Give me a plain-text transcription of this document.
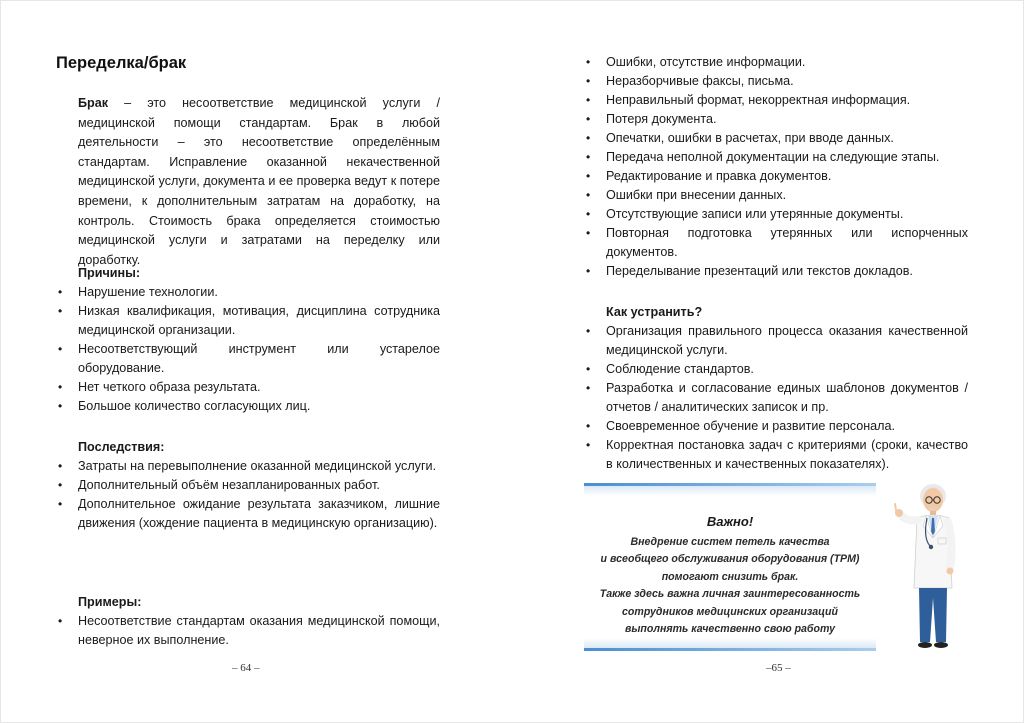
Переделка/брак

Брак – это несоответствие медицинской услуги / медицинской помощи стандартам. Брак в любой деятельности – это несоответствие определённым стандартам. Исправление оказанной некачественной медицинской услуги, документа и ее проверка ведут к потере времени, к дополнительным затратам на доработку, на контроль. Стоимость брака определяется стоимостью медицинской услуги и затратами на переделку или доработку.

Причины:
• Нарушение технологии.
• Низкая квалификация, мотивация, дисциплина сотрудника медицинской организации.
• Несоответствующий инструмент или устарелое оборудование.
• Нет четкого образа результата.
• Большое количество согласующих лиц.
Последствия:
• Затраты на перевыполнение оказанной медицинской услуги.
• Дополнительный объём незапланированных работ.
• Дополнительное ожидание результата заказчиком, лишние движения (хождение пациента в медицинскую организацию).
Примеры:
• Несоответствие стандартам оказания медицинской помощи, неверное их выполнение.
– 64 –
• Ошибки, отсутствие информации.
• Неразборчивые факсы, письма.
• Неправильный формат, некорректная информация.
• Потеря документа.
• Опечатки, ошибки в расчетах, при вводе данных.
• Передача неполной документации на следующие этапы.
• Редактирование и правка документов.
• Ошибки при внесении данных.
• Отсутствующие записи или утерянные документы.
• Повторная подготовка утерянных или испорченных документов.
• Переделывание презентаций или текстов докладов.
Как устранить?
• Организация правильного процесса оказания качественной медицинской услуги.
• Соблюдение стандартов.
• Разработка и согласование единых шаблонов документов / отчетов / аналитических записок и пр.
• Своевременное обучение и развитие персонала.
• Корректная постановка задач с критериями (сроки, качество в количественных и качественных показателях).
Важно!
Внедрение систем петель качества
и всеобщего обслуживания оборудования (ТРМ)
помогают снизить брак.
Также здесь важна личная заинтересованность
сотрудников медицинских организаций
выполнять качественно свою работу
–65 –
